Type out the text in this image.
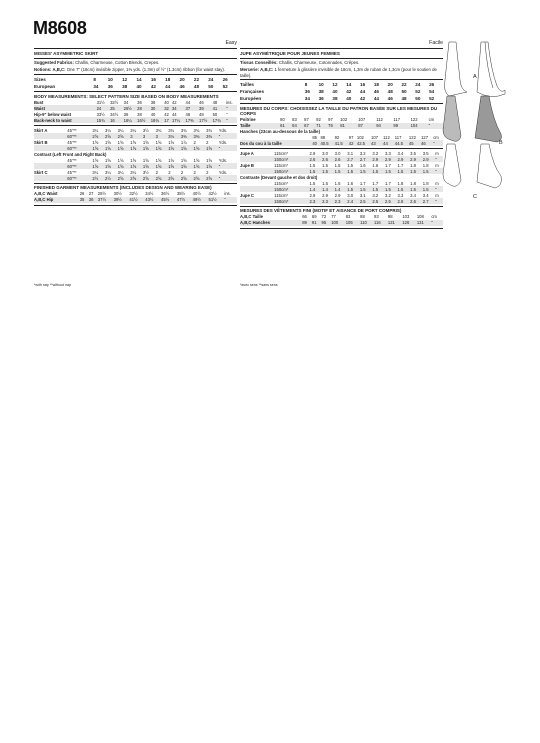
M8608
Easy
MISSES' ASYMMETRIC SKIRT
Suggested Fabrics: Challis, Charmeuse, Cotton Blends, Crepes.
Notions: A,B,C: One 7" (18cm) invisible zipper, 1⅜ yds. (1.3m) of ½" (1.3cm) ribbon (for waist stay).
Sizes	8	10	12	14	16	18	20	22	24	26
European	34	36	38	40	42	44	46	48	50	52
BODY MEASUREMENTS: SELECT PATTERN SIZE BASED ON BODY MEASUREMENTS
Bust	31½	32½	34	36	38	40	42	44	46	48	ins.
Waist	24	25	26½	28	30	32	34	37	39	41	"
Hip-9" below waist	33½	34½	36	38	40	42	44	46	48	50	"
Back-neck to waist	15¾	16	16¼	16½	16¾	17	17¼	17⅜	17½	17¾	"
Skirt A	45"**	3¼	3¼	3¼	3¼	3½	3¾	3¾	3¾	3¾	3¾	Yds.
	60"**	2⅝	2⅝	2⅝	3	3	3	3⅛	3⅜	3⅜	3⅜	"
Skirt B	45"**	1⅝	1⅝	1⅝	1⅝	1⅝	1⅝	1⅝	1⅞	2	2	Yds.
	60"**	1⅝	1⅝	1⅝	1⅝	1⅝	1⅝	1⅝	1⅝	1⅝	1⅝	"
Contrast (Left Front and Right Back)												
	45"**	1⅝	1⅝	1⅝	1⅝	1⅝	1⅝	1⅝	1⅝	1⅝	1⅝	Yds.
	60"**	1⅝	1⅝	1⅝	1⅝	1⅝	1⅝	1⅝	1⅝	1⅝	1⅝	"
Skirt C	45"**	3¼	3¼	3¼	3¼	3½	2	2	2	2	2	Yds.
	60"**	2½	2½	2⅝	2⅝	2⅝	2⅝	2⅝	2⅝	2⅝	2⅝	"
FINISHED GARMENT MEASUREMENTS (INCLUDES DESIGN AND WEARING EASE)
A,B,C Waist	26	27	28½	30½	32½	34½	36½	38½	40½	42½	ins.
A,B,C Hip	35	36	37½	39½	41½	43½	45½	47½	49½	51½	"
Facile
JUPE ASYMÉTRIQUE POUR JEUNES FEMMES
Tissus Conseillés: Challis, Charmeuse, Cotonnades, Crêpes.
Mercerie: A,B,C: 1 fermeture à glissière invisible de 18cm, 1,3m de ruban de 1,3cm (pour le soutien de taille).
Tailles	8	10	12	14	16	18	20	22	24	26
Françaises	36	38	40	42	44	46	48	50	52	54
Européen	34	36	38	40	42	44	46	48	50	52
MESURES DU CORPS: CHOISISSEZ LA TAILLE DU PATRON BASÉE SUR LES MESURES DU CORPS
Poitrine	80	83	87	92	97	102	107	112	117	122	cm
Taille	61	64	67	71	76	81	87	94	99	104	"
Hanches (23cm au-dessous de la taille)
	85	88	92	97	102	107	112	117	122	127	cm
Dos du cou à la taille	40	40.5	41.5	42	42.5	43	44	44.5	45	46	"
Jupe A	115cm*	2.9	3.0	3.0	3.1	3.2	3.2	3.3	3.4	3.5	3.5	m
	150cm*	2.6	2.6	2.6	2.7	2.7	2.9	2.9	2.9	2.9	2.9	"
Jupe B	115cm*	1.5	1.5	1.5	1.5	1.6	1.6	1.7	1.7	1.8	1.8	m
	150cm*	1.5	1.5	1.5	1.5	1.5	1.5	1.5	1.5	1.5	1.5	"
Contraste (Devant gauche et dos droit)												
	115cm*	1.5	1.5	1.6	1.6	1.7	1.7	1.7	1.8	1.8	1.8	m
	150cm*	1.4	1.4	1.4	1.5	1.5	1.5	1.5	1.5	1.5	1.5	"
Jupe C	115cm*	2.9	2.9	2.9	3.0	3.1	3.2	3.2	3.3	3.4	3.4	m
	150cm*	2.3	2.3	2.3	2.4	2.5	2.5	2.5	2.6	2.6	2.7	"
MESURES DES VÊTEMENTS FINI (MOTIF ET AISANCE DE PORT COMPRIS)
A,B,C Taille	66	69	72	77	83	88	93	98	103	108	cm
A,B,C Hanches	89	91	95	100	105	110	116	121	126	131	"
*with nap **without nap	*avec sens **sans sens
A
B
C
